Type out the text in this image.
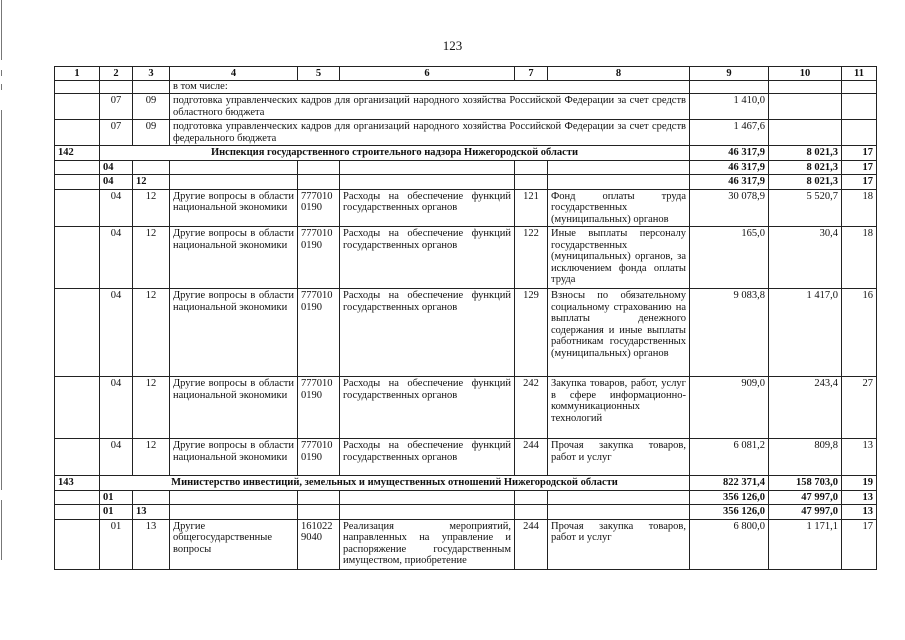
123
1	2	3	4	5	6	7	8	9	10	11
			в том числе:							
	07	09	подготовка управленческих кадров для организаций народного хозяйства Российской Федерации за счет средств областного бюджета					1 410,0		
	07	09	подготовка управленческих кадров для организаций народного хозяйства Российской Федерации за счет средств федерального бюджета					1 467,6		
142	Инспекция государственного строительного надзора Нижегородской области							46 317,9	8 021,3	17
	04							46 317,9	8 021,3	17
	04	12						46 317,9	8 021,3	17
	04	12	Другие вопросы в области национальной экономики	777010 0190	Расходы на обеспечение функций государственных органов	121	Фонд оплаты труда государственных (муниципальных) органов	30 078,9	5 520,7	18
	04	12	Другие вопросы в области национальной экономики	777010 0190	Расходы на обеспечение функций государственных органов	122	Иные выплаты персоналу государственных (муниципальных) органов, за исключением фонда оплаты труда	165,0	30,4	18
	04	12	Другие вопросы в области национальной экономики	777010 0190	Расходы на обеспечение функций государственных органов	129	Взносы по обязательному социальному страхованию на выплаты денежного содержания и иные выплаты работникам государственных (муниципальных) органов	9 083,8	1 417,0	16
	04	12	Другие вопросы в области национальной экономики	777010 0190	Расходы на обеспечение функций государственных органов	242	Закупка товаров, работ, услуг в сфере информационно-коммуникационных технологий	909,0	243,4	27
	04	12	Другие вопросы в области национальной экономики	777010 0190	Расходы на обеспечение функций государственных органов	244	Прочая закупка товаров, работ и услуг	6 081,2	809,8	13
143	Министерство инвестиций, земельных и имущественных отношений Нижегородской области							822 371,4	158 703,0	19
	01							356 126,0	47 997,0	13
	01	13						356 126,0	47 997,0	13
	01	13	Другие общегосударственные вопросы	161022 9040	Реализация мероприятий, направленных на управление и распоряжение государственным имуществом, приобретение	244	Прочая закупка товаров, работ и услуг	6 800,0	1 171,1	17
